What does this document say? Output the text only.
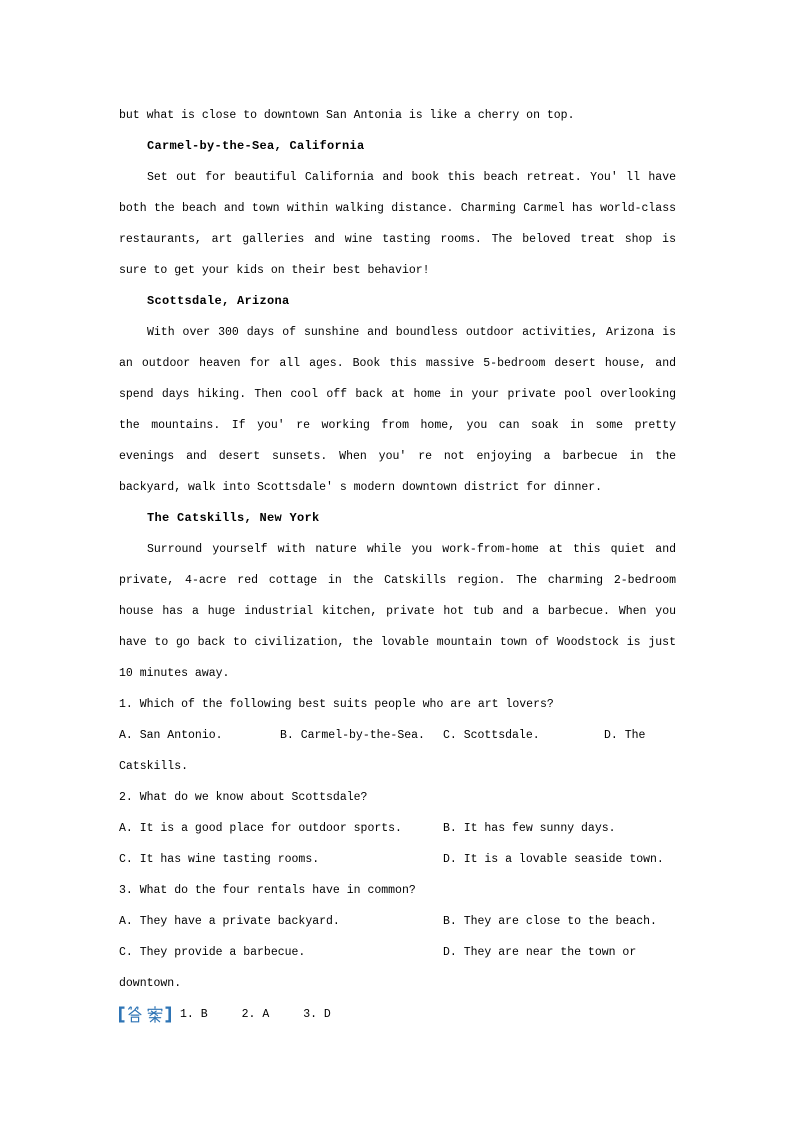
but what is close to downtown San Antonia is like a cherry on top.

Carmel-by-the-Sea, California

Set out for beautiful California and book this beach retreat. You' ll have both the beach and town within walking distance. Charming Carmel has world-class restaurants, art galleries and wine tasting rooms. The beloved treat shop is sure to get your kids on their best behavior!

Scottsdale, Arizona

With over 300 days of sunshine and boundless outdoor activities, Arizona is an outdoor heaven for all ages. Book this massive 5-bedroom desert house, and spend days hiking. Then cool off back at home in your private pool overlooking the mountains. If you' re working from home, you can soak in some pretty evenings and desert sunsets. When you' re not enjoying a barbecue in the backyard, walk into Scottsdale' s modern downtown district for dinner.

The Catskills, New York

Surround yourself with nature while you work-from-home at this quiet and private, 4-acre red cottage in the Catskills region. The charming 2-bedroom house has a huge industrial kitchen, private hot tub and a barbecue. When you have to go back to civilization, the lovable mountain town of Woodstock is just 10 minutes away.

1. Which of the following best suits people who are art lovers?

A. San Antonio.	B. Carmel-by-the-Sea. C. Scottsdale.	D. The

Catskills.

2. What do we know about Scottsdale?

A. It is a good place for outdoor sports.	B. It has few sunny days.
C. It has wine tasting rooms.	D. It is a lovable seaside town.

3. What do the four rentals have in common?

A. They have a private backyard.	B. They are close to the beach.
C. They provide a barbecue.	D. They are near the town or

downtown.

1. B	2. A	3. D
